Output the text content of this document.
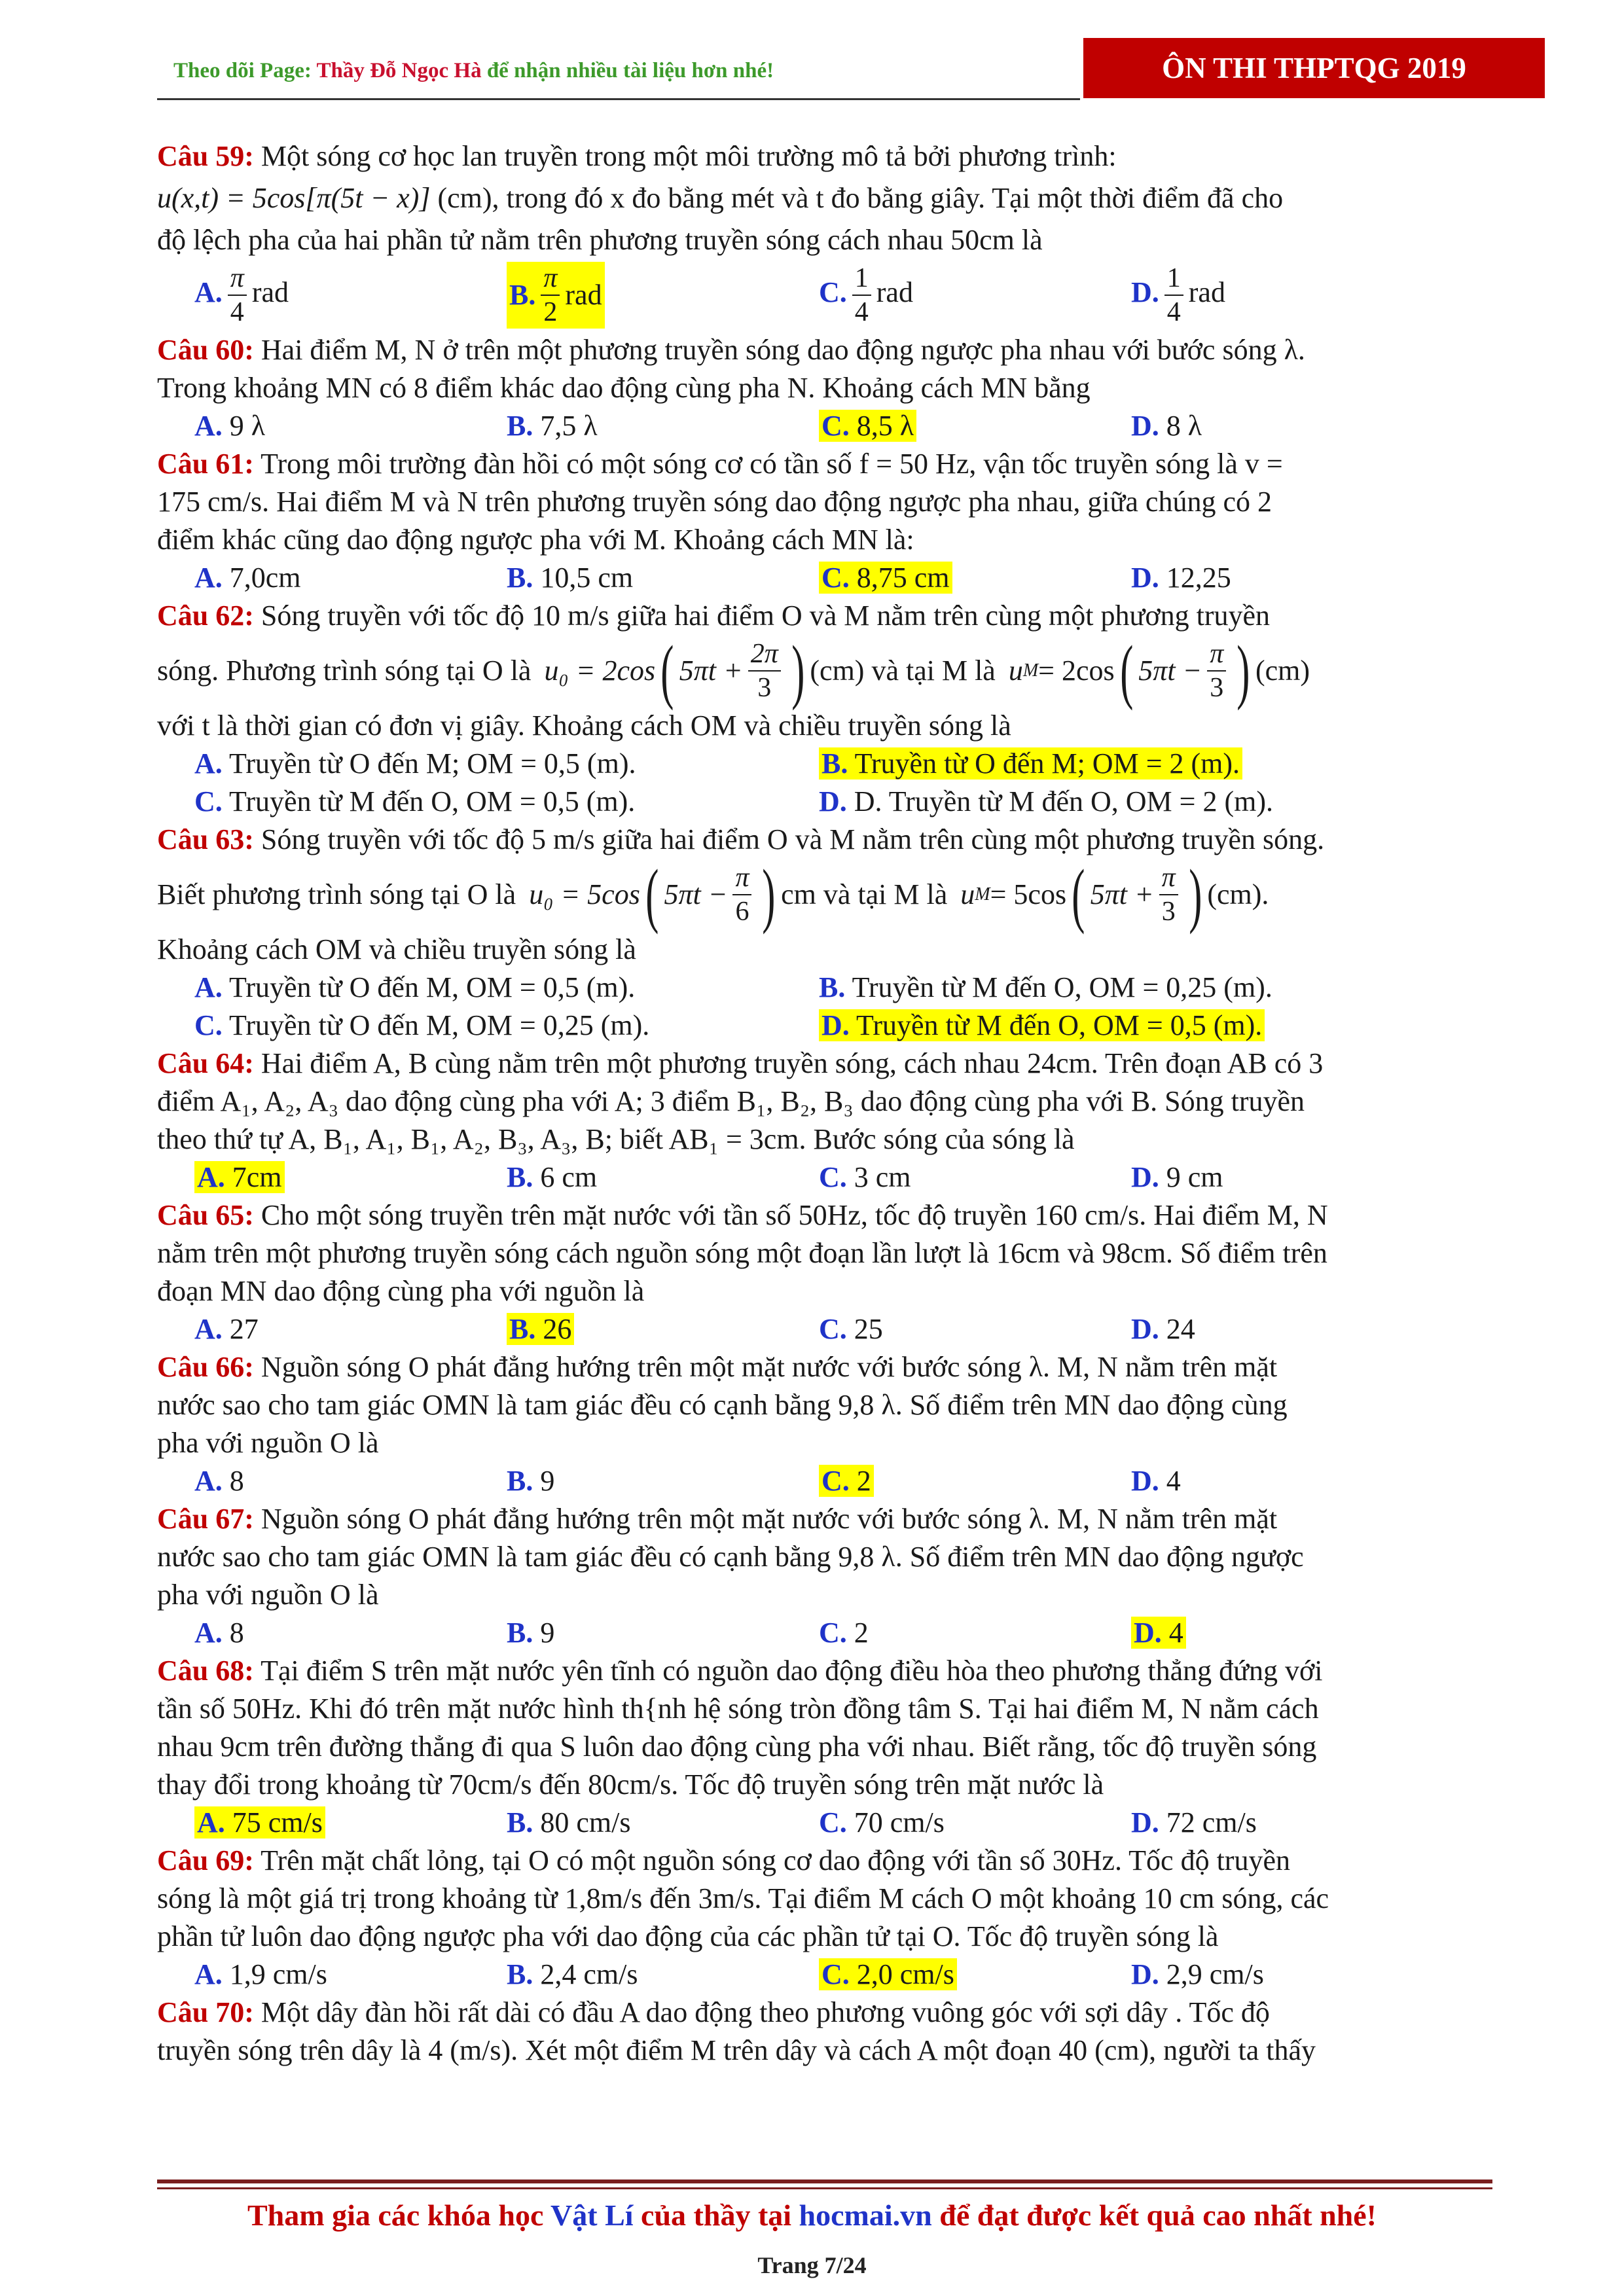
Theo dõi Page: Thầy Đỗ Ngọc Hà để nhận nhiều tài liệu hơn nhé!	ÔN THI THPTQG 2019
Câu 59: Một sóng cơ học lan truyền trong một môi trường mô tả bởi phương trình:
u(x,t) = 5cos[π(5t − x)] (cm), trong đó x đo bằng mét và t đo bằng giây. Tại một thời điểm đã cho
độ lệch pha của hai phần tử nằm trên phương truyền sóng cách nhau 50cm là
A. $\frac{\pi}{4}$ rad	B. $\frac{\pi}{2}$ rad	C. $\frac{1}{4}$ rad	D. $\frac{1}{4}$ rad
Câu 60: Hai điểm M, N ở trên một phương truyền sóng dao động ngược pha nhau với bước sóng λ.
Trong khoảng MN có 8 điểm khác dao động cùng pha N. Khoảng cách MN bằng
A. 9 λ	B. 7,5 λ	C. 8,5 λ	D. 8 λ
Câu 61: Trong môi trường đàn hồi có một sóng cơ có tần số f = 50 Hz, vận tốc truyền sóng là v =
175 cm/s. Hai điểm M và N trên phương truyền sóng dao động ngược pha nhau, giữa chúng có 2
điểm khác cũng dao động ngược pha với M. Khoảng cách MN là:
A. 7,0cm	B. 10,5 cm	C. 8,75 cm	D. 12,25
Câu 62: Sóng truyền với tốc độ 10 m/s giữa hai điểm O và M nằm trên cùng một phương truyền
sóng. Phương trình sóng tại O là u₀ = 2cos ( $5\pi t + \frac{2\pi}{3}$ ) (cm) và tại M là u M = 2cos ( $5\pi t - \frac{\pi}{3}$ ) (cm)
với t là thời gian có đơn vị giây. Khoảng cách OM và chiều truyền sóng là
A. Truyền từ O đến M; OM = 0,5 (m).	B. Truyền từ O đến M; OM = 2 (m).
C. Truyền từ M đến O, OM = 0,5 (m).	D. D. Truyền từ M đến O, OM = 2 (m).
Câu 63: Sóng truyền với tốc độ 5 m/s giữa hai điểm O và M nằm trên cùng một phương truyền sóng.
Biết phương trình sóng tại O là u₀ = 5cos ( $5\pi t - \frac{\pi}{6}$ ) cm và tại M là u M = 5cos ( $5\pi t + \frac{\pi}{3}$ ) (cm).
Khoảng cách OM và chiều truyền sóng là
A. Truyền từ O đến M, OM = 0,5 (m).	B. Truyền từ M đến O, OM = 0,25 (m).
C. Truyền từ O đến M, OM = 0,25 (m).	D. Truyền từ M đến O, OM = 0,5 (m).
Câu 64: Hai điểm A, B cùng nằm trên một phương truyền sóng, cách nhau 24cm. Trên đoạn AB có 3
điểm A₁, A₂, A₃ dao động cùng pha với A; 3 điểm B₁, B₂, B₃ dao động cùng pha với B. Sóng truyền
theo thứ tự A, B₁, A₁, B₁, A₂, B₃, A₃, B; biết AB₁ = 3cm. Bước sóng của sóng là
A. 7cm	B. 6 cm	C. 3 cm	D. 9 cm
Câu 65: Cho một sóng truyền trên mặt nước với tần số 50Hz, tốc độ truyền 160 cm/s. Hai điểm M, N
nằm trên một phương truyền sóng cách nguồn sóng một đoạn lần lượt là 16cm và 98cm. Số điểm trên
đoạn MN dao động cùng pha với nguồn là
A. 27	B. 26	C. 25	D. 24
Câu 66: Nguồn sóng O phát đẳng hướng trên một mặt nước với bước sóng λ. M, N nằm trên mặt
nước sao cho tam giác OMN là tam giác đều có cạnh bằng 9,8 λ. Số điểm trên MN dao động cùng
pha với nguồn O là
A. 8	B. 9	C. 2	D. 4
Câu 67: Nguồn sóng O phát đẳng hướng trên một mặt nước với bước sóng λ. M, N nằm trên mặt
nước sao cho tam giác OMN là tam giác đều có cạnh bằng 9,8 λ. Số điểm trên MN dao động ngược
pha với nguồn O là
A. 8	B. 9	C. 2	D. 4
Câu 68: Tại điểm S trên mặt nước yên tĩnh có nguồn dao động điều hòa theo phương thẳng đứng với
tần số 50Hz. Khi đó trên mặt nước hình th{nh hệ sóng tròn đồng tâm S. Tại hai điểm M, N nằm cách
nhau 9cm trên đường thẳng đi qua S luôn dao động cùng pha với nhau. Biết rằng, tốc độ truyền sóng
thay đổi trong khoảng từ 70cm/s đến 80cm/s. Tốc độ truyền sóng trên mặt nước là
A. 75 cm/s	B. 80 cm/s	C. 70 cm/s	D. 72 cm/s
Câu 69: Trên mặt chất lỏng, tại O có một nguồn sóng cơ dao động với tần số 30Hz. Tốc độ truyền
sóng là một giá trị trong khoảng từ 1,8m/s đến 3m/s. Tại điểm M cách O một khoảng 10 cm sóng, các
phần tử luôn dao động ngược pha với dao động của các phần tử tại O. Tốc độ truyền sóng là
A. 1,9 cm/s	B. 2,4 cm/s	C. 2,0 cm/s	D. 2,9 cm/s
Câu 70: Một dây đàn hồi rất dài có đầu A dao động theo phương vuông góc với sợi dây . Tốc độ
truyền sóng trên dây là 4 (m/s). Xét một điểm M trên dây và cách A một đoạn 40 (cm), người ta thấy
Tham gia các khóa học Vật Lí của thầy tại hocmai.vn để đạt được kết quả cao nhất nhé!
Trang 7/24
